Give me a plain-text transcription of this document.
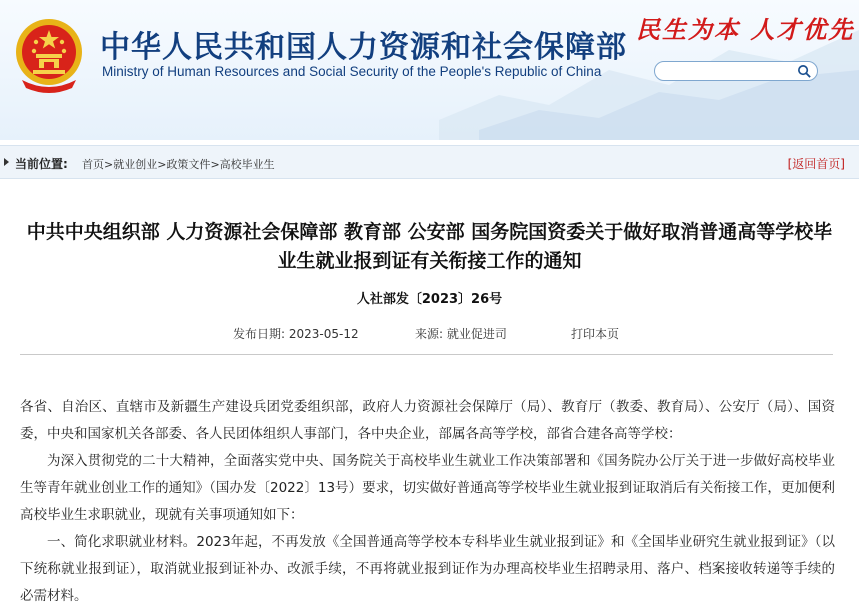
中华人民共和国人力资源和社会保障部
Ministry of Human Resources and Social Security of the People's Republic of China
民生为本 人才优先
当前位置: 首页>就业创业>政策文件>高校毕业生	[返回首页]
中共中央组织部 人力资源社会保障部 教育部 公安部 国务院国资委关于做好取消普通高等学校毕业生就业报到证有关衔接工作的通知
人社部发〔2023〕26号
发布日期: 2023-05-12	来源: 就业促进司	打印本页

各省、自治区、直辖市及新疆生产建设兵团党委组织部，政府人力资源社会保障厅（局）、教育厅（教委、教育局）、公安厅（局）、国资委，中央和国家机关各部委、各人民团体组织人事部门，各中央企业，部属各高等学校，部省合建各高等学校：

为深入贯彻党的二十大精神，全面落实党中央、国务院关于高校毕业生就业工作决策部署和《国务院办公厅关于进一步做好高校毕业生等青年就业创业工作的通知》（国办发〔2022〕13号）要求，切实做好普通高等学校毕业生就业报到证取消后有关衔接工作，更加便利高校毕业生求职就业，现就有关事项通知如下：

一、简化求职就业材料。2023年起，不再发放《全国普通高等学校本专科毕业生就业报到证》和《全国毕业研究生就业报到证》（以下统称就业报到证），取消就业报到证补办、改派手续，不再将就业报到证作为办理高校毕业生招聘录用、落户、档案接收转递等手续的必需材料。
